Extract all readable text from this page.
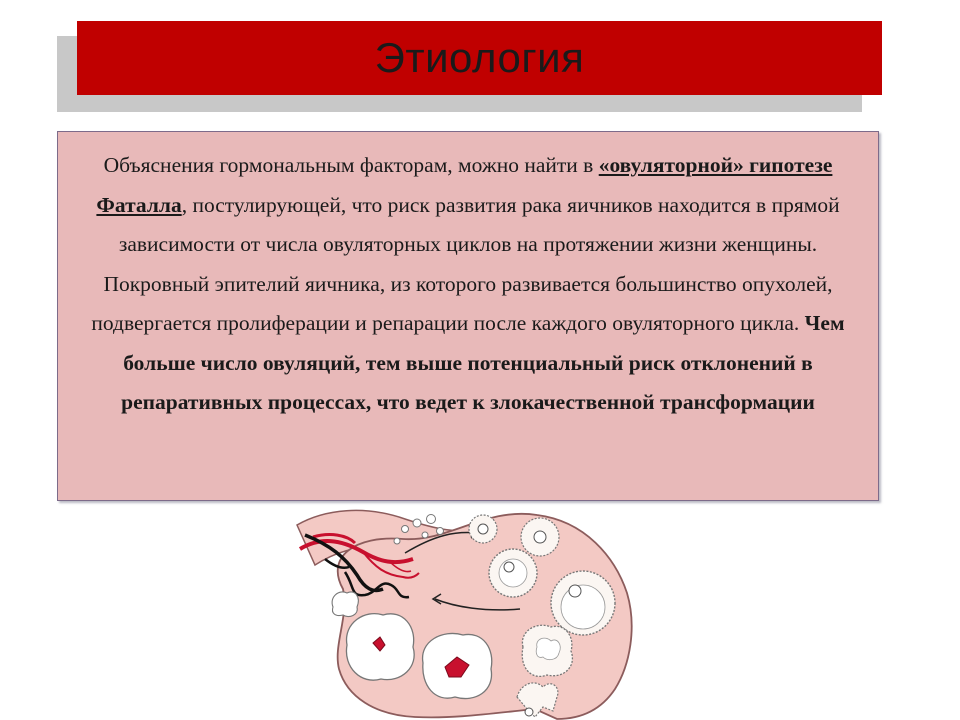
Этиология

Объяснения гормональным факторам, можно найти в «овуляторной» гипотезе Фаталла, постулирующей, что риск развития рака яичников находится в прямой зависимости от числа овуляторных циклов на протяжении жизни женщины. Покровный эпителий яичника, из которого развивается большинство опухолей, подвергается пролиферации и репарации после каждого овуляторного цикла. Чем больше число овуляций, тем выше потенциальный риск отклонений в репаративных процессах, что ведет к злокачественной трансформации
